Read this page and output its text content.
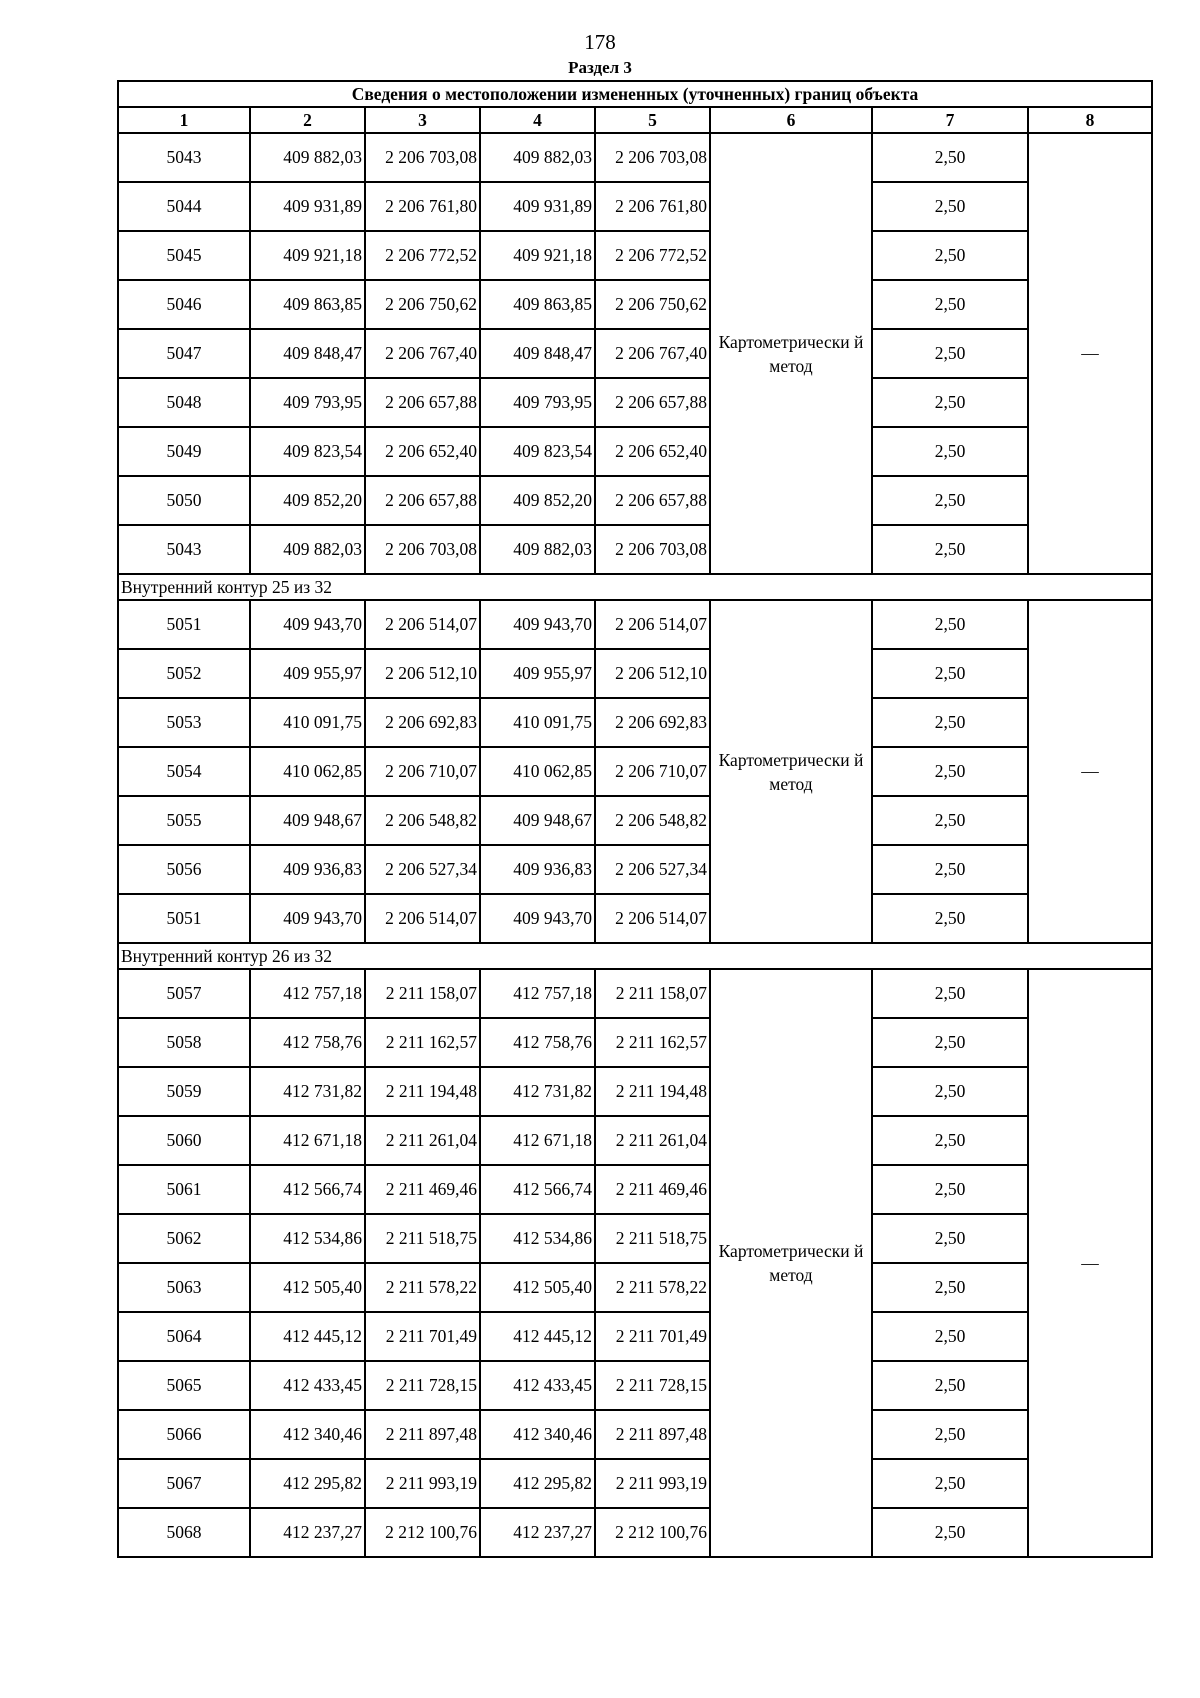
178
Раздел 3
Сведения о местоположении измененных (уточненных) границ объекта							
1	2	3	4	5	6	7	8
5043	409 882,03	2 206 703,08	409 882,03	2 206 703,08	Картометрически й метод	2,50	—
5044	409 931,89	2 206 761,80	409 931,89	2 206 761,80		2,50	
5045	409 921,18	2 206 772,52	409 921,18	2 206 772,52		2,50	
5046	409 863,85	2 206 750,62	409 863,85	2 206 750,62		2,50	
5047	409 848,47	2 206 767,40	409 848,47	2 206 767,40		2,50	
5048	409 793,95	2 206 657,88	409 793,95	2 206 657,88		2,50	
5049	409 823,54	2 206 652,40	409 823,54	2 206 652,40		2,50	
5050	409 852,20	2 206 657,88	409 852,20	2 206 657,88		2,50	
5043	409 882,03	2 206 703,08	409 882,03	2 206 703,08		2,50	
Внутренний контур 25 из 32							
5051	409 943,70	2 206 514,07	409 943,70	2 206 514,07	Картометрически й метод	2,50	—
5052	409 955,97	2 206 512,10	409 955,97	2 206 512,10		2,50	
5053	410 091,75	2 206 692,83	410 091,75	2 206 692,83		2,50	
5054	410 062,85	2 206 710,07	410 062,85	2 206 710,07		2,50	
5055	409 948,67	2 206 548,82	409 948,67	2 206 548,82		2,50	
5056	409 936,83	2 206 527,34	409 936,83	2 206 527,34		2,50	
5051	409 943,70	2 206 514,07	409 943,70	2 206 514,07		2,50	
Внутренний контур 26 из 32							
5057	412 757,18	2 211 158,07	412 757,18	2 211 158,07	Картометрически й метод	2,50	—
5058	412 758,76	2 211 162,57	412 758,76	2 211 162,57		2,50	
5059	412 731,82	2 211 194,48	412 731,82	2 211 194,48		2,50	
5060	412 671,18	2 211 261,04	412 671,18	2 211 261,04		2,50	
5061	412 566,74	2 211 469,46	412 566,74	2 211 469,46		2,50	
5062	412 534,86	2 211 518,75	412 534,86	2 211 518,75		2,50	
5063	412 505,40	2 211 578,22	412 505,40	2 211 578,22		2,50	
5064	412 445,12	2 211 701,49	412 445,12	2 211 701,49		2,50	
5065	412 433,45	2 211 728,15	412 433,45	2 211 728,15		2,50	
5066	412 340,46	2 211 897,48	412 340,46	2 211 897,48		2,50	
5067	412 295,82	2 211 993,19	412 295,82	2 211 993,19		2,50	
5068	412 237,27	2 212 100,76	412 237,27	2 212 100,76		2,50	
